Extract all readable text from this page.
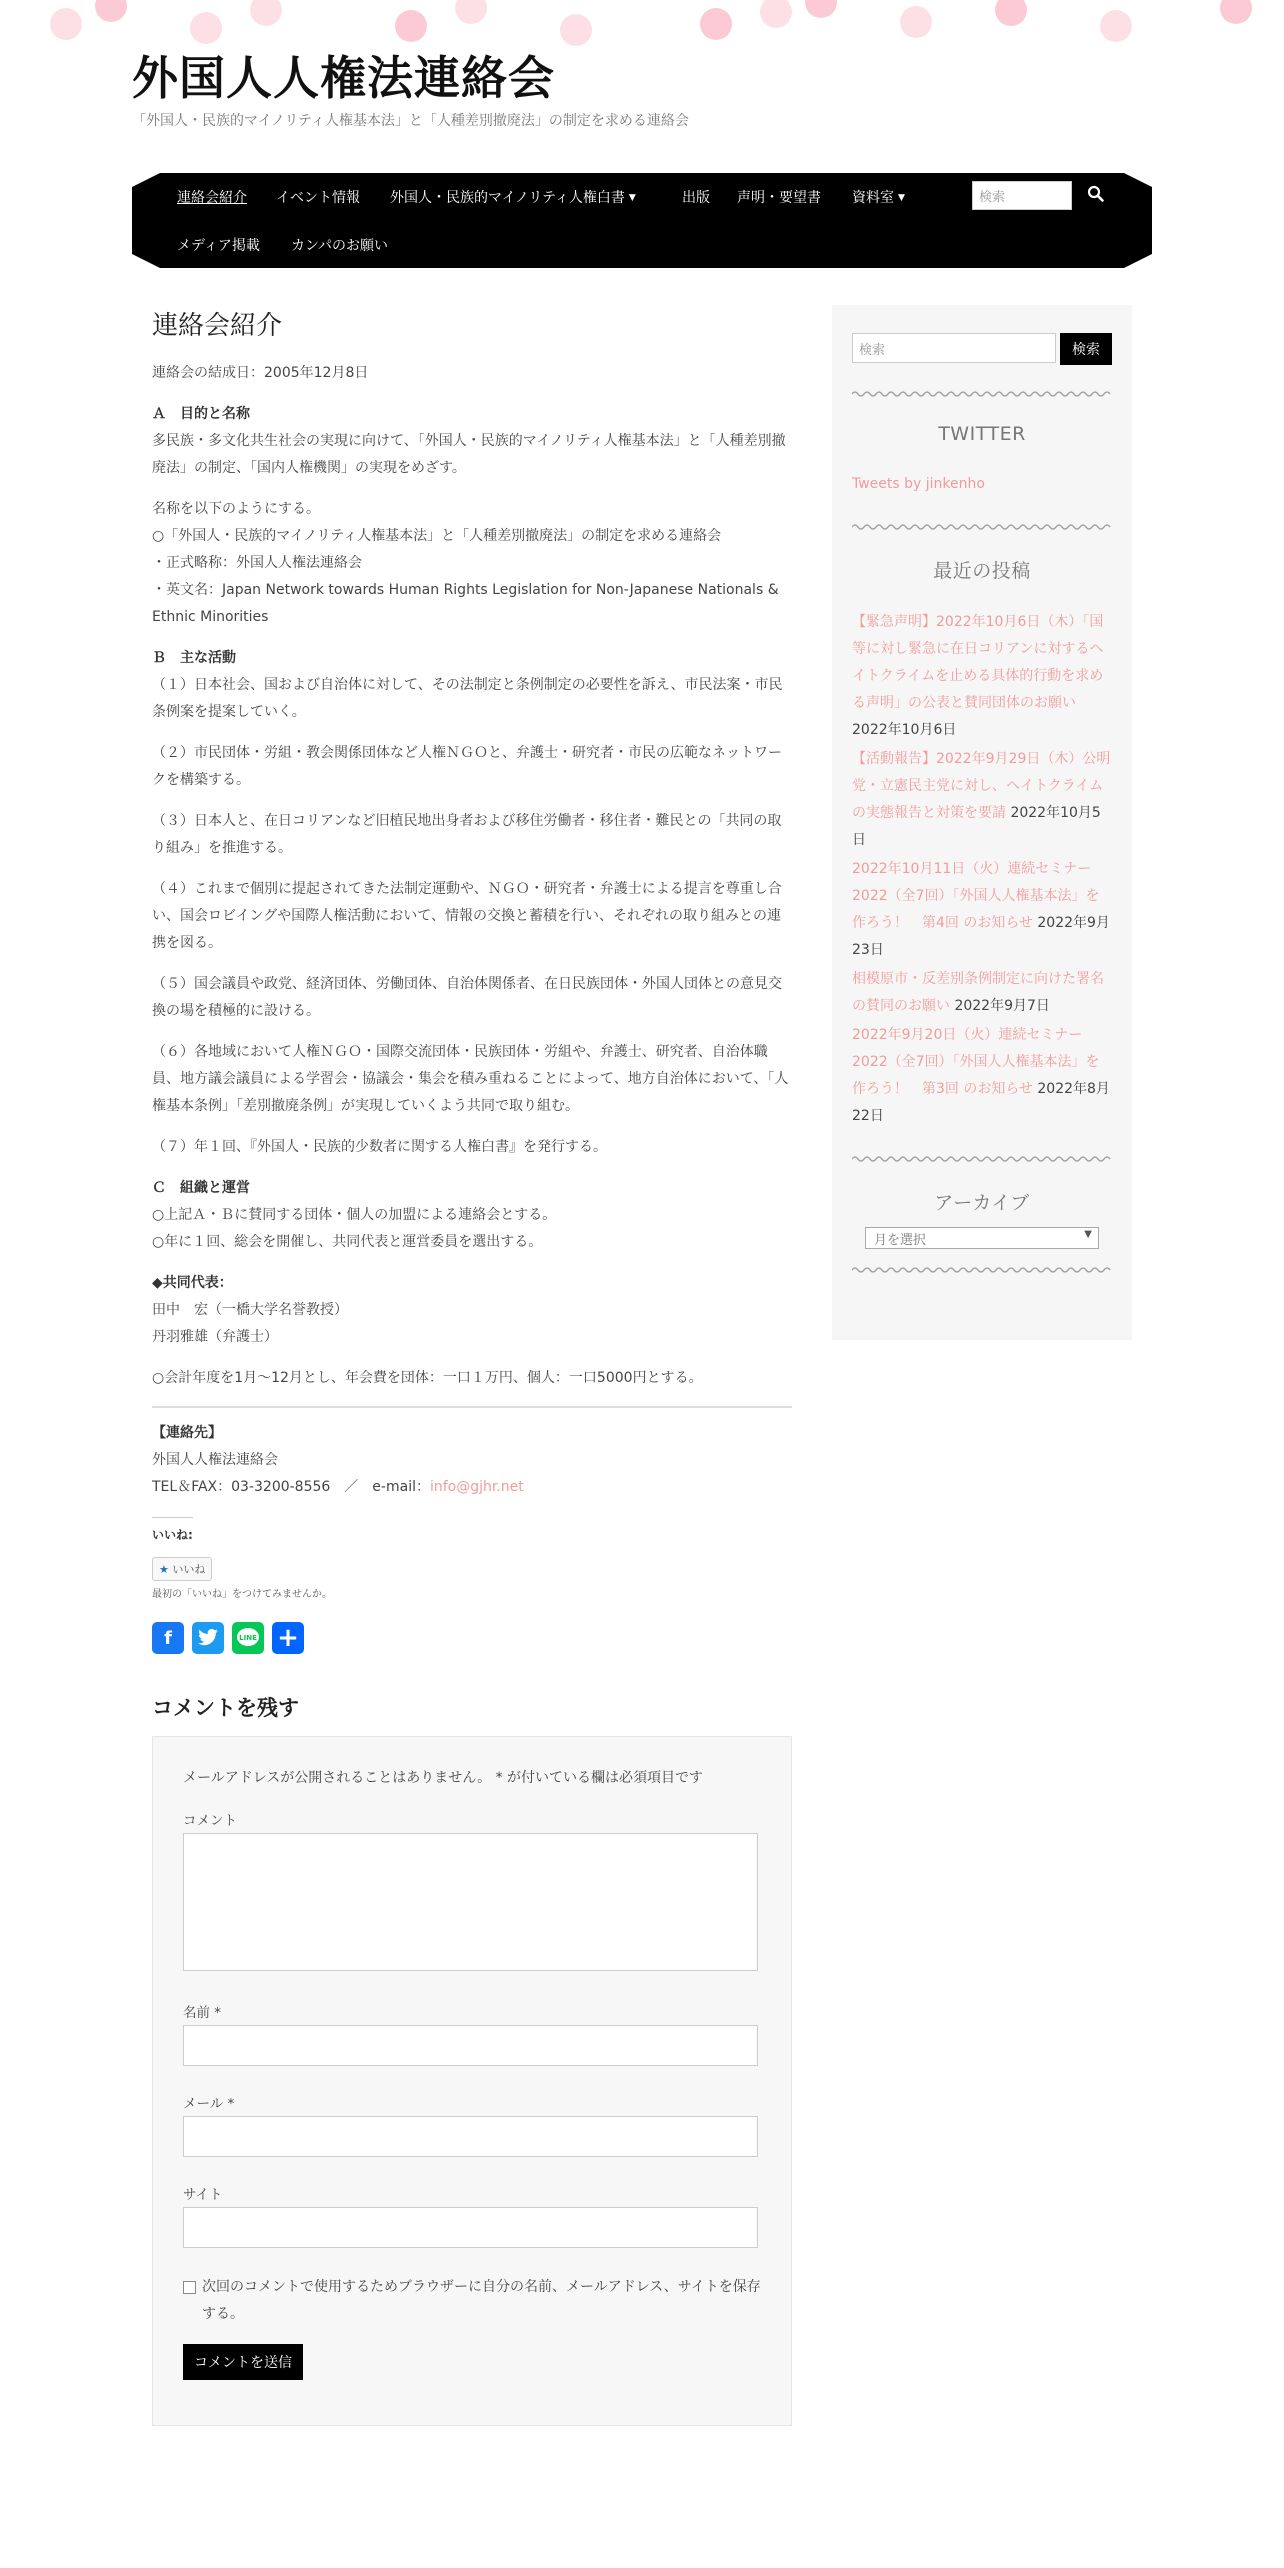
外国人人権法連絡会
「外国人・民族的マイノリティ人権基本法」と「人種差別撤廃法」の制定を求める連絡会
連絡会紹介 イベント情報 外国人・民族的マイノリティ人権白書 ▼	出版 声明・要望書 資料室 ▼
メディア掲載 カンパのお願い
検索
連絡会紹介

連絡会の結成日：2005年12月8日

Ａ　目的と名称

多民族・多文化共生社会の実現に向けて、「外国人・民族的マイノリティ人権基本法」と「人種差別撤廃法」の制定、「国内人権機関」の実現をめざす。

名称を以下のようにする。
○「外国人・民族的マイノリティ人権基本法」と「人種差別撤廃法」の制定を求める連絡会
・正式略称：外国人人権法連絡会
・英文名：Japan Network towards Human Rights Legislation for Non-Japanese Nationals & Ethnic Minorities
Ｂ　主な活動

（１）日本社会、国および自治体に対して、その法制定と条例制定の必要性を訴え、市民法案・市民条例案を提案していく。

（２）市民団体・労組・教会関係団体など人権ＮＧＯと、弁護士・研究者・市民の広範なネットワークを構築する。

（３）日本人と、在日コリアンなど旧植民地出身者および移住労働者・移住者・難民との「共同の取り組み」を推進する。

（４）これまで個別に提起されてきた法制定運動や、ＮＧＯ・研究者・弁護士による提言を尊重し合い、国会ロビイングや国際人権活動において、情報の交換と蓄積を行い、それぞれの取り組みとの連携を図る。

（５）国会議員や政党、経済団体、労働団体、自治体関係者、在日民族団体・外国人団体との意見交換の場を積極的に設ける。

（６）各地域において人権ＮＧＯ・国際交流団体・民族団体・労組や、弁護士、研究者、自治体職員、地方議会議員による学習会・協議会・集会を積み重ねることによって、地方自治体において、「人権基本条例」「差別撤廃条例」が実現していくよう共同で取り組む。

（７）年１回、『外国人・民族的少数者に関する人権白書』を発行する。

Ｃ　組織と運営
○上記Ａ・Ｂに賛同する団体・個人の加盟による連絡会とする。
○年に１回、総会を開催し、共同代表と運営委員を選出する。
◆共同代表：
田中　宏（一橋大学名誉教授）
丹羽雅雄（弁護士）

○会計年度を1月～12月とし、年会費を団体：一口１万円、個人：一口5000円とする。

【連絡先】
外国人人権法連絡会
TEL＆FAX：03-3200-8556　／　e-mail：info@gjhr.net
いいね:
★ いいね
最初の「いいね」をつけてみませんか。
f	LINE +
コメントを残す
メールアドレスが公開されることはありません。 * が付いている欄は必須項目です
コメント
名前 *
メール *
サイト
次回のコメントで使用するためブラウザーに自分の名前、メールアドレス、サイトを保存する。
コメントを送信
検索	検索
TWITTER
Tweets by jinkenho
最近の投稿
【緊急声明】2022年10月6日（木）「国等に対し緊急に在日コリアンに対するヘイトクライムを止める具体的行動を求める声明」の公表と賛同団体のお願い 2022年10月6日
【活動報告】2022年9月29日（木）公明党・立憲民主党に対し、ヘイトクライムの実態報告と対策を要請 2022年10月5日
2022年10月11日（火）連続セミナー2022（全7回）「外国人人権基本法」を作ろう！　第4回 のお知らせ 2022年9月23日
相模原市・反差別条例制定に向けた署名の賛同のお願い 2022年9月7日
2022年9月20日（火）連続セミナー2022（全7回）「外国人人権基本法」を作ろう！　第3回 のお知らせ 2022年8月22日
アーカイブ
月を選択	▼
